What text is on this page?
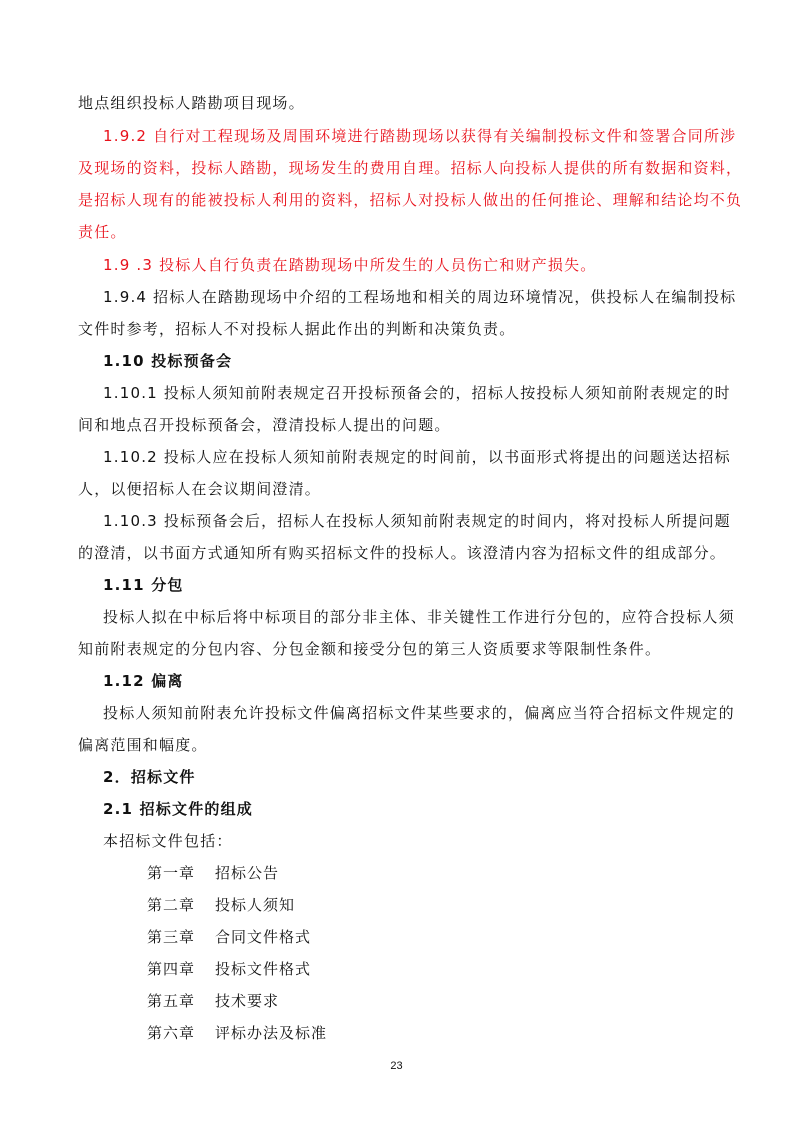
地点组织投标人踏勘项目现场。
1.9.2 自行对工程现场及周围环境进行踏勘现场以获得有关编制投标文件和签署合同所涉
及现场的资料，投标人踏勘，现场发生的费用自理。招标人向投标人提供的所有数据和资料，
是招标人现有的能被投标人利用的资料，招标人对投标人做出的任何推论、理解和结论均不负
责任。
1.9 .3 投标人自行负责在踏勘现场中所发生的人员伤亡和财产损失。
1.9.4 招标人在踏勘现场中介绍的工程场地和相关的周边环境情况，供投标人在编制投标
文件时参考，招标人不对投标人据此作出的判断和决策负责。
1.10 投标预备会
1.10.1 投标人须知前附表规定召开投标预备会的，招标人按投标人须知前附表规定的时
间和地点召开投标预备会，澄清投标人提出的问题。
1.10.2 投标人应在投标人须知前附表规定的时间前，以书面形式将提出的问题送达招标
人，以便招标人在会议期间澄清。
1.10.3 投标预备会后，招标人在投标人须知前附表规定的时间内，将对投标人所提问题
的澄清，以书面方式通知所有购买招标文件的投标人。该澄清内容为招标文件的组成部分。
1.11 分包
投标人拟在中标后将中标项目的部分非主体、非关键性工作进行分包的，应符合投标人须
知前附表规定的分包内容、分包金额和接受分包的第三人资质要求等限制性条件。
1.12 偏离
投标人须知前附表允许投标文件偏离招标文件某些要求的，偏离应当符合招标文件规定的
偏离范围和幅度。
2．招标文件
2.1 招标文件的组成
本招标文件包括：
第一章 招标公告
第二章 投标人须知
第三章 合同文件格式
第四章 投标文件格式
第五章 技术要求
第六章 评标办法及标准
23
